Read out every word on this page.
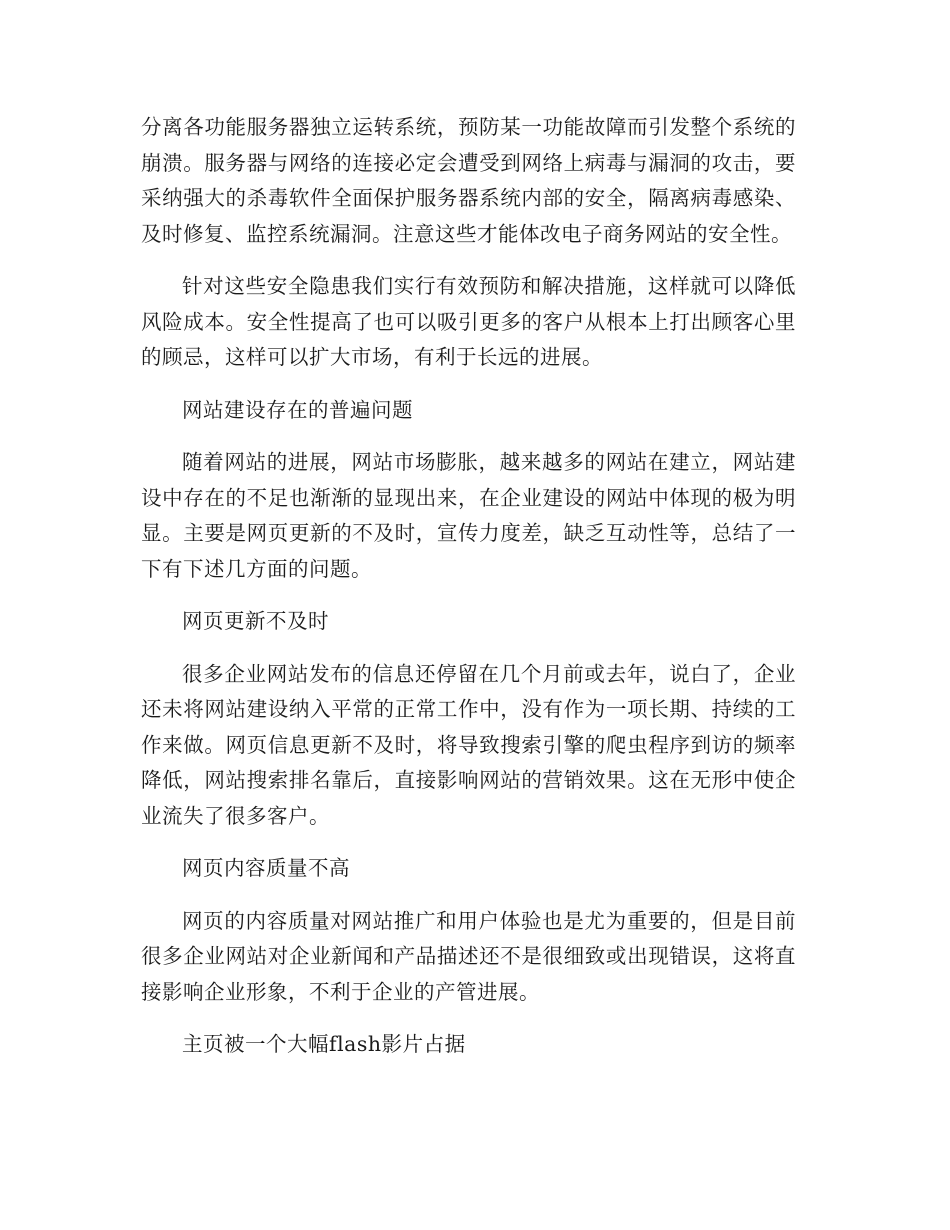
分离各功能服务器独立运转系统，预防某一功能故障而引发整个系统的崩溃。服务器与网络的连接必定会遭受到网络上病毒与漏洞的攻击，要采纳强大的杀毒软件全面保护服务器系统内部的安全，隔离病毒感染、及时修复、监控系统漏洞。注意这些才能体改电子商务网站的安全性。

针对这些安全隐患我们实行有效预防和解决措施，这样就可以降低风险成本。安全性提高了也可以吸引更多的客户从根本上打出顾客心里的顾忌，这样可以扩大市场，有利于长远的进展。

网站建设存在的普遍问题

随着网站的进展，网站市场膨胀，越来越多的网站在建立，网站建设中存在的不足也渐渐的显现出来，在企业建设的网站中体现的极为明显。主要是网页更新的不及时，宣传力度差，缺乏互动性等，总结了一下有下述几方面的问题。

网页更新不及时

很多企业网站发布的信息还停留在几个月前或去年，说白了，企业还未将网站建设纳入平常的正常工作中，没有作为一项长期、持续的工作来做。网页信息更新不及时，将导致搜索引擎的爬虫程序到访的频率降低，网站搜索排名靠后，直接影响网站的营销效果。这在无形中使企业流失了很多客户。

网页内容质量不高

网页的内容质量对网站推广和用户体验也是尤为重要的，但是目前很多企业网站对企业新闻和产品描述还不是很细致或出现错误，这将直接影响企业形象，不利于企业的产管进展。

主页被一个大幅flash影片占据
